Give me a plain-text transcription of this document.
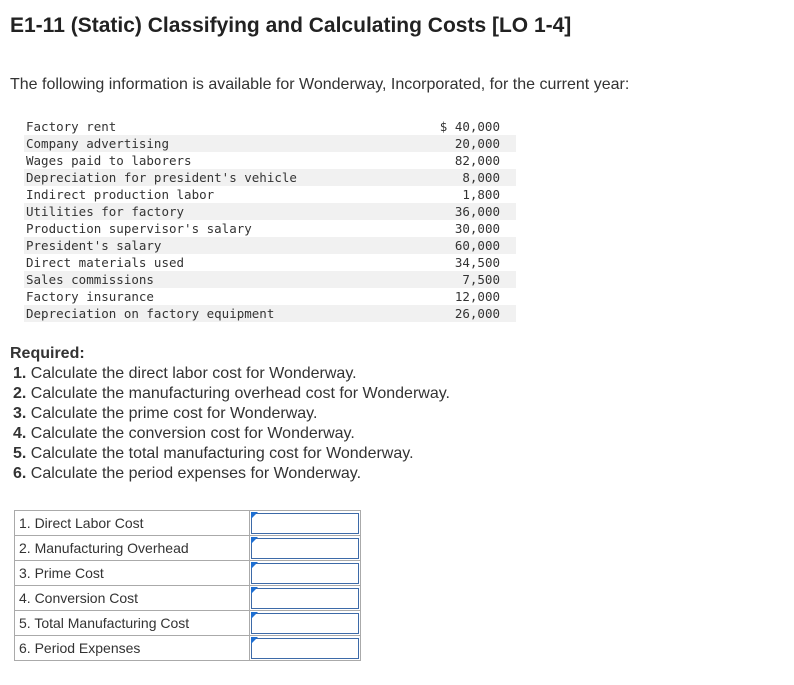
E1-11 (Static) Classifying and Calculating Costs [LO 1-4]
The following information is available for Wonderway, Incorporated, for the current year:
Factory rent	$ 40,000
Company advertising	20,000
Wages paid to laborers	82,000
Depreciation for president's vehicle	8,000
Indirect production labor	1,800
Utilities for factory	36,000
Production supervisor's salary	30,000
President's salary	60,000
Direct materials used	34,500
Sales commissions	7,500
Factory insurance	12,000
Depreciation on factory equipment	26,000
Required:
1. Calculate the direct labor cost for Wonderway.
2. Calculate the manufacturing overhead cost for Wonderway.
3. Calculate the prime cost for Wonderway.
4. Calculate the conversion cost for Wonderway.
5. Calculate the total manufacturing cost for Wonderway.
6. Calculate the period expenses for Wonderway.
1. Direct Labor Cost	

2. Manufacturing Overhead	

3. Prime Cost	

4. Conversion Cost	

5. Total Manufacturing Cost	

6. Period Expenses	
